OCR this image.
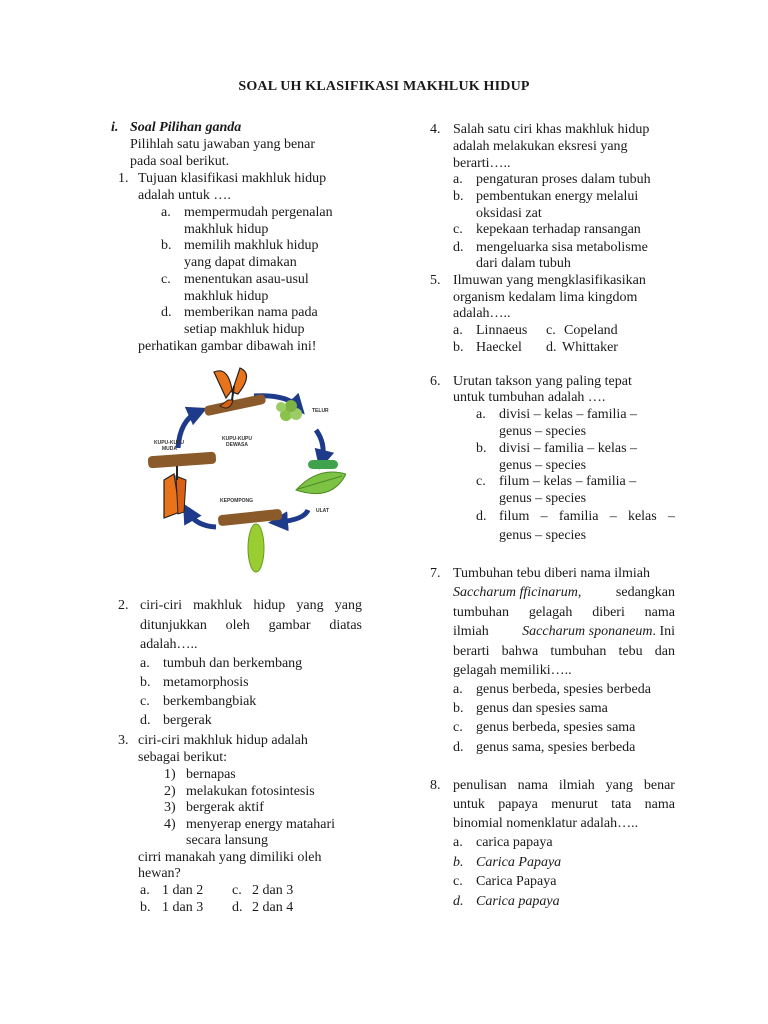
SOAL UH KLASIFIKASI MAKHLUK HIDUP
i. Soal Pilihan ganda
Pilihlah satu jawaban yang benar
pada soal berikut.
1. Tujuan klasifikasi makhluk hidup
adalah untuk ….
a. mempermudah pergenalan
makhluk hidup
b. memilih makhluk hidup
yang dapat dimakan
c. menentukan asau-usul
makhluk hidup
d. memberikan nama pada
setiap makhluk hidup
perhatikan gambar dibawah ini!
TELUR
ULAT
KEPOMPONG
KUPU-KUPU
MUDA
KUPU-KUPU
DEWASA
2. ciri-ciri makhluk hidup yang yang
ditunjukkan oleh gambar diatas
adalah…..
a. tumbuh dan berkembang
b. metamorphosis
c. berkembangbiak
d. bergerak
3. ciri-ciri makhluk hidup adalah
sebagai berikut:
1) bernapas
2) melakukan fotosintesis
3) bergerak aktif
4) menyerap energy matahari
secara lansung
cirri manakah yang dimiliki oleh
hewan?
a. 1 dan 2 c. 2 dan 3
b. 1 dan 3 d. 2 dan 4
4. Salah satu ciri khas makhluk hidup
adalah melakukan eksresi yang
berarti…..
a. pengaturan proses dalam tubuh
b. pembentukan energy melalui
oksidasi zat
c. kepekaan terhadap ransangan
d. mengeluarka sisa metabolisme
dari dalam tubuh
5. Ilmuwan yang mengklasifikasikan
organism kedalam lima kingdom
adalah…..
a. Linnaeus c. Copeland
b. Haeckel d. Whittaker
6. Urutan takson yang paling tepat
untuk tumbuhan adalah ….
a. divisi – kelas – familia –
genus – species
b. divisi – familia – kelas –
genus – species
c. filum – kelas – familia –
genus – species
d. filum – familia – kelas –
genus – species
7. Tumbuhan tebu diberi nama ilmiah
Saccharum fficinarum, sedangkan
tumbuhan gelagah diberi nama
ilmiah Saccharum sponaneum. Ini
berarti bahwa tumbuhan tebu dan
gelagah memiliki…..
a. genus berbeda, spesies berbeda
b. genus dan spesies sama
c. genus berbeda, spesies sama
d. genus sama, spesies berbeda
8. penulisan nama ilmiah yang benar
untuk papaya menurut tata nama
binomial nomenklatur adalah…..
a. carica papaya
b. Carica Papaya
c. Carica Papaya
d. Carica papaya
